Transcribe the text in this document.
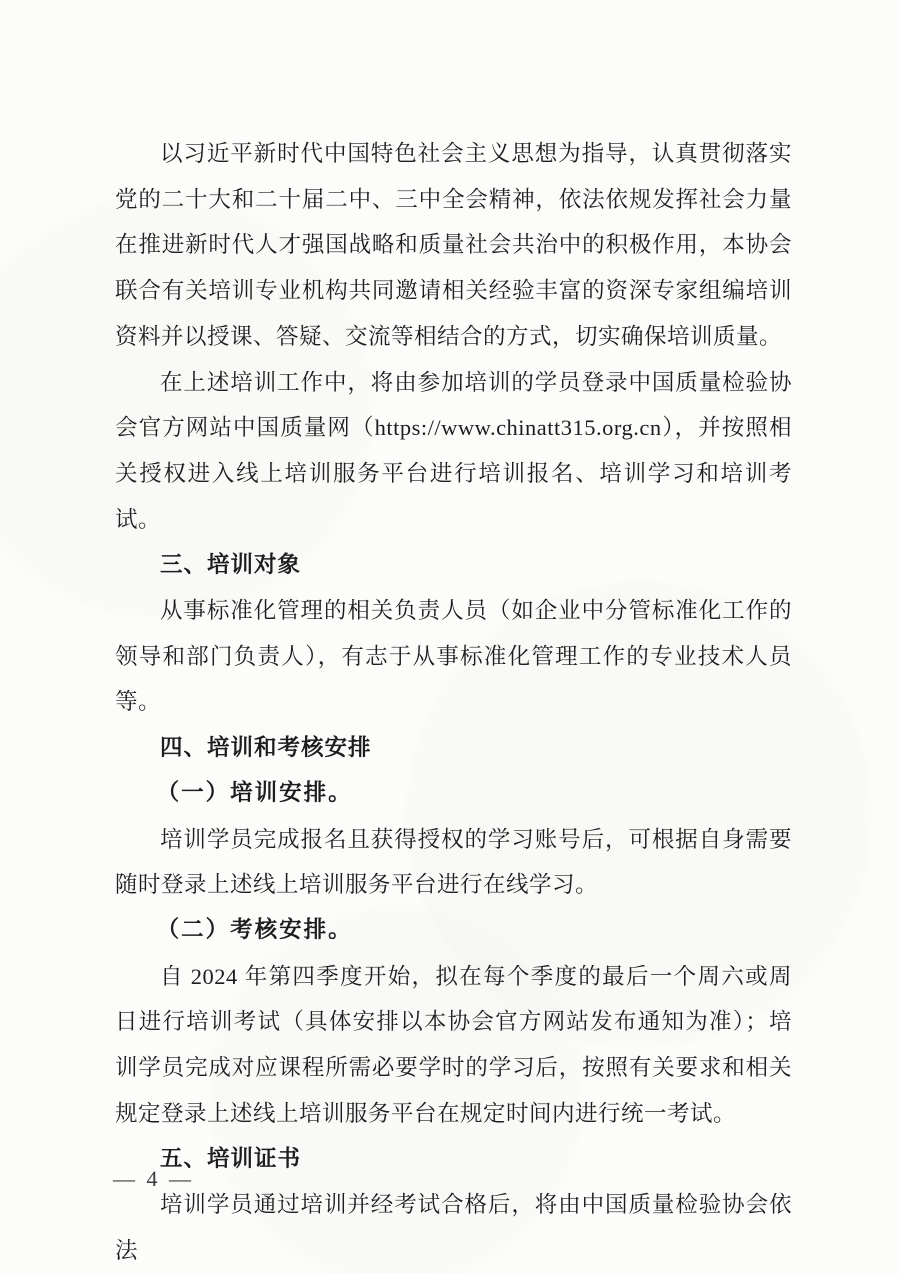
以习近平新时代中国特色社会主义思想为指导，认真贯彻落实党的二十大和二十届二中、三中全会精神，依法依规发挥社会力量在推进新时代人才强国战略和质量社会共治中的积极作用，本协会联合有关培训专业机构共同邀请相关经验丰富的资深专家组编培训资料并以授课、答疑、交流等相结合的方式，切实确保培训质量。

在上述培训工作中，将由参加培训的学员登录中国质量检验协会官方网站中国质量网（https://www.chinatt315.org.cn），并按照相关授权进入线上培训服务平台进行培训报名、培训学习和培训考试。

三、培训对象

从事标准化管理的相关负责人员（如企业中分管标准化工作的领导和部门负责人），有志于从事标准化管理工作的专业技术人员等。

四、培训和考核安排

（一）培训安排。

培训学员完成报名且获得授权的学习账号后，可根据自身需要随时登录上述线上培训服务平台进行在线学习。

（二）考核安排。

自 2024 年第四季度开始，拟在每个季度的最后一个周六或周日进行培训考试（具体安排以本协会官方网站发布通知为准）；培训学员完成对应课程所需必要学时的学习后，按照有关要求和相关规定登录上述线上培训服务平台在规定时间内进行统一考试。

五、培训证书

培训学员通过培训并经考试合格后，将由中国质量检验协会依法

— 4 —
